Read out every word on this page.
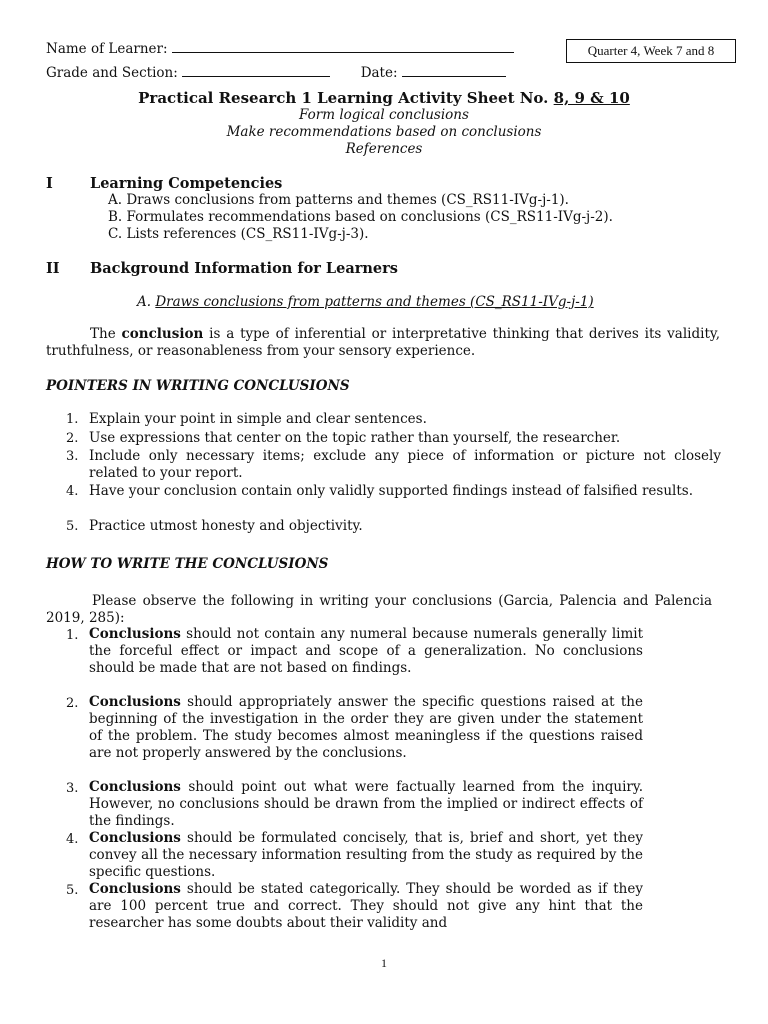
Name of Learner:
Grade and Section:	Date:
Quarter 4, Week 7 and 8
Practical Research 1 Learning Activity Sheet No. 8, 9 & 10
Form logical conclusions
Make recommendations based on conclusions
References
I	Learning Competencies
A. Draws conclusions from patterns and themes (CS_RS11-IVg-j-1).
B. Formulates recommendations based on conclusions (CS_RS11-IVg-j-2).
C. Lists references (CS_RS11-IVg-j-3).
II Background Information for Learners
A. Draws conclusions from patterns and themes (CS_RS11-IVg-j-1)
The conclusion is a type of inferential or interpretative thinking that derives its validity, truthfulness, or reasonableness from your sensory experience.
POINTERS IN WRITING CONCLUSIONS
1. Explain your point in simple and clear sentences.
2. Use expressions that center on the topic rather than yourself, the researcher.
3. Include only necessary items; exclude any piece of information or picture not closely related to your report.
4. Have your conclusion contain only validly supported findings instead of falsified results.
5. Practice utmost honesty and objectivity.
HOW TO WRITE THE CONCLUSIONS
Please observe the following in writing your conclusions (Garcia, Palencia and Palencia 2019, 285):
1. Conclusions should not contain any numeral because numerals generally limit the forceful effect or impact and scope of a generalization. No conclusions should be made that are not based on findings.
2. Conclusions should appropriately answer the specific questions raised at the beginning of the investigation in the order they are given under the statement of the problem. The study becomes almost meaningless if the questions raised are not properly answered by the conclusions.
3. Conclusions should point out what were factually learned from the inquiry. However, no conclusions should be drawn from the implied or indirect effects of the findings.
4. Conclusions should be formulated concisely, that is, brief and short, yet they convey all the necessary information resulting from the study as required by the specific questions.
5. Conclusions should be stated categorically. They should be worded as if they are 100 percent true and correct. They should not give any hint that the researcher has some doubts about their validity and
1
